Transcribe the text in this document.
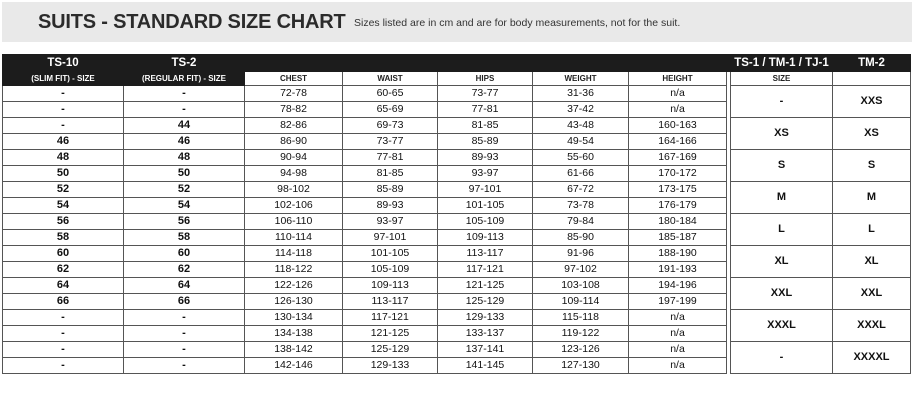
SUITS - STANDARD SIZE CHART Sizes listed are in cm and are for body measurements, not for the suit.
TS-10	TS-2							TS-1 / TM-1 / TJ-1	TM-2
(SLIM FIT) - SIZE	(REGULAR FIT) - SIZE	CHEST	WAIST	HIPS	WEIGHT	HEIGHT		SIZE	
-	-	72-78	60-65	73-77	31-36	n/a		-	XXS
-	-	78-82	65-69	77-81	37-42	n/a			
-	44	82-86	69-73	81-85	43-48	160-163		XS	XS
46	46	86-90	73-77	85-89	49-54	164-166			
48	48	90-94	77-81	89-93	55-60	167-169		S	S
50	50	94-98	81-85	93-97	61-66	170-172			
52	52	98-102	85-89	97-101	67-72	173-175		M	M
54	54	102-106	89-93	101-105	73-78	176-179			
56	56	106-110	93-97	105-109	79-84	180-184		L	L
58	58	110-114	97-101	109-113	85-90	185-187			
60	60	114-118	101-105	113-117	91-96	188-190		XL	XL
62	62	118-122	105-109	117-121	97-102	191-193			
64	64	122-126	109-113	121-125	103-108	194-196		XXL	XXL
66	66	126-130	113-117	125-129	109-114	197-199			
-	-	130-134	117-121	129-133	115-118	n/a		XXXL	XXXL
-	-	134-138	121-125	133-137	119-122	n/a			
-	-	138-142	125-129	137-141	123-126	n/a		-	XXXXL
-	-	142-146	129-133	141-145	127-130	n/a			
